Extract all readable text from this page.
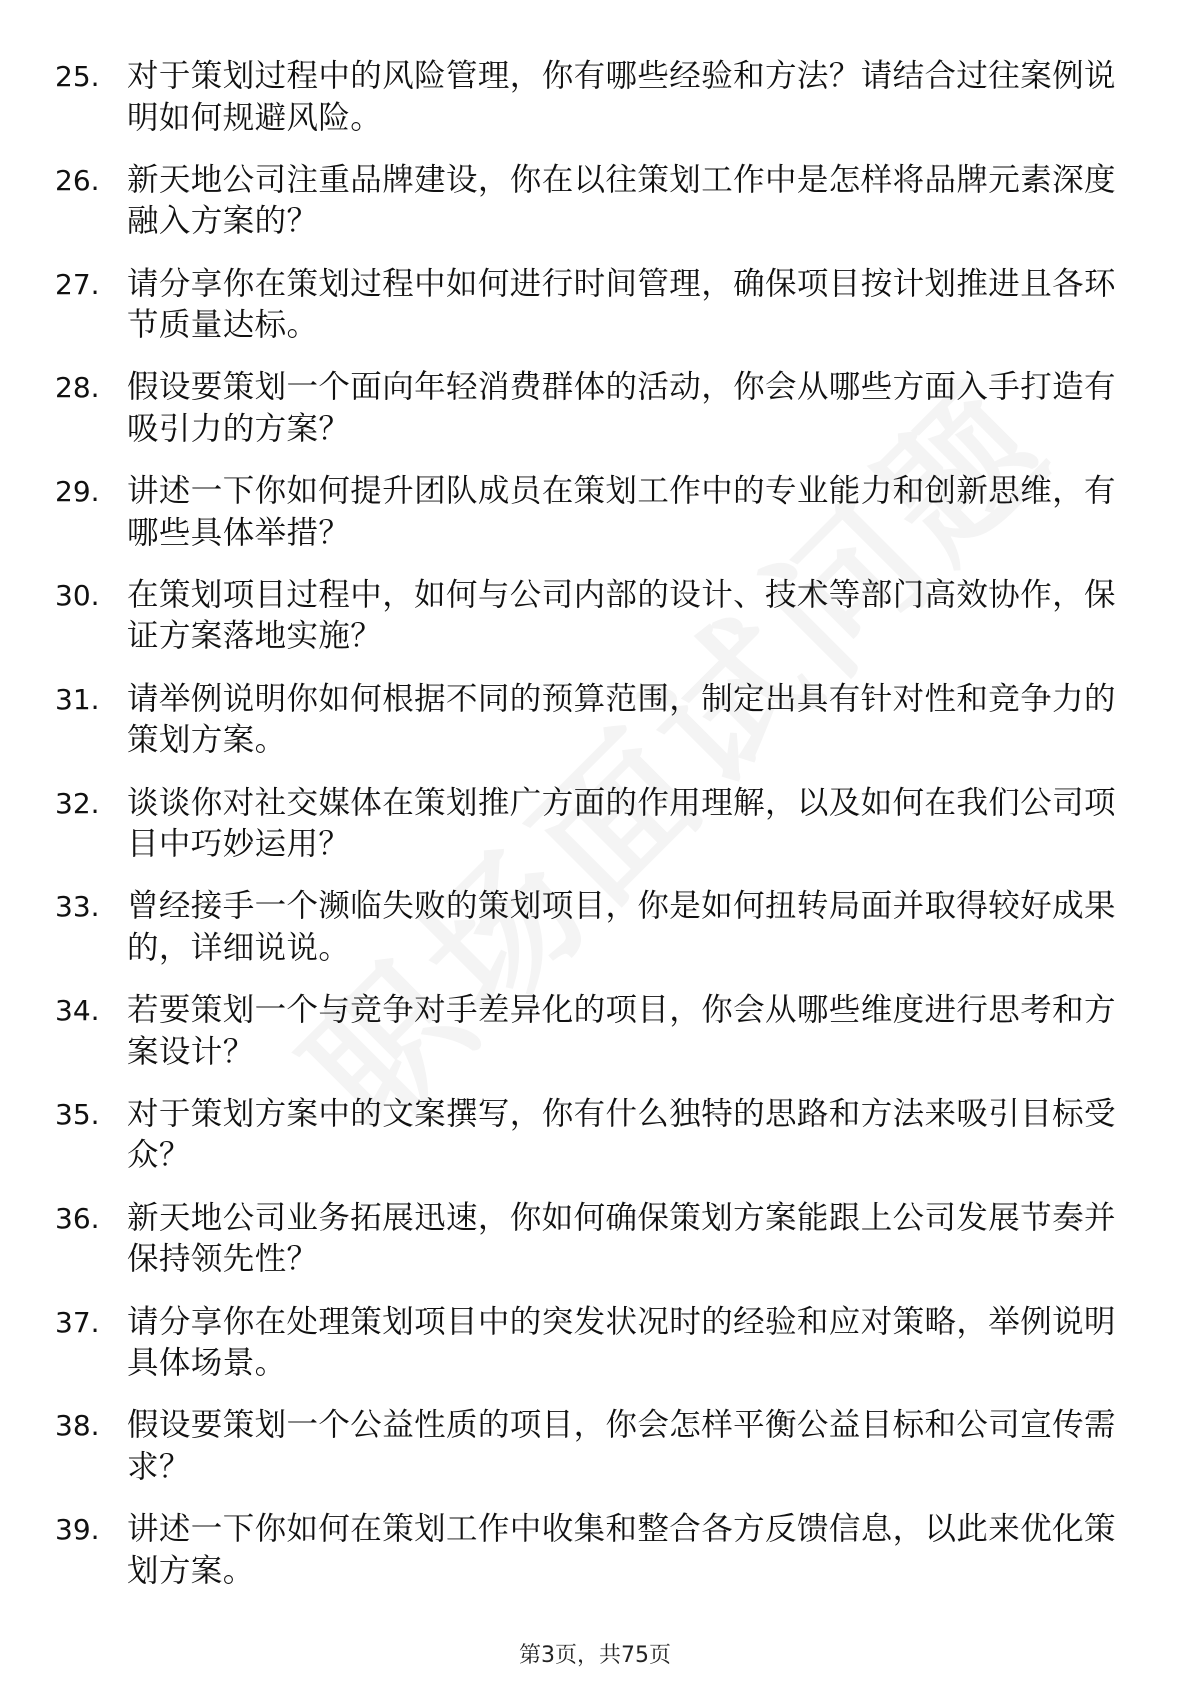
25. 对于策划过程中的风险管理，你有哪些经验和方法？请结合过往案例说明如何规避风险。
26. 新天地公司注重品牌建设，你在以往策划工作中是怎样将品牌元素深度融入方案的？
27. 请分享你在策划过程中如何进行时间管理，确保项目按计划推进且各环节质量达标。
28. 假设要策划一个面向年轻消费群体的活动，你会从哪些方面入手打造有吸引力的方案？
29. 讲述一下你如何提升团队成员在策划工作中的专业能力和创新思维，有哪些具体举措？
30. 在策划项目过程中，如何与公司内部的设计、技术等部门高效协作，保证方案落地实施？
31. 请举例说明你如何根据不同的预算范围，制定出具有针对性和竞争力的策划方案。
32. 谈谈你对社交媒体在策划推广方面的作用理解，以及如何在我们公司项目中巧妙运用？
33. 曾经接手一个濒临失败的策划项目，你是如何扭转局面并取得较好成果的，详细说说。
34. 若要策划一个与竞争对手差异化的项目，你会从哪些维度进行思考和方案设计？
35. 对于策划方案中的文案撰写，你有什么独特的思路和方法来吸引目标受众？
36. 新天地公司业务拓展迅速，你如何确保策划方案能跟上公司发展节奏并保持领先性？
37. 请分享你在处理策划项目中的突发状况时的经验和应对策略，举例说明具体场景。
38. 假设要策划一个公益性质的项目，你会怎样平衡公益目标和公司宣传需求？
39. 讲述一下你如何在策划工作中收集和整合各方反馈信息，以此来优化策划方案。
第3页，共75页
